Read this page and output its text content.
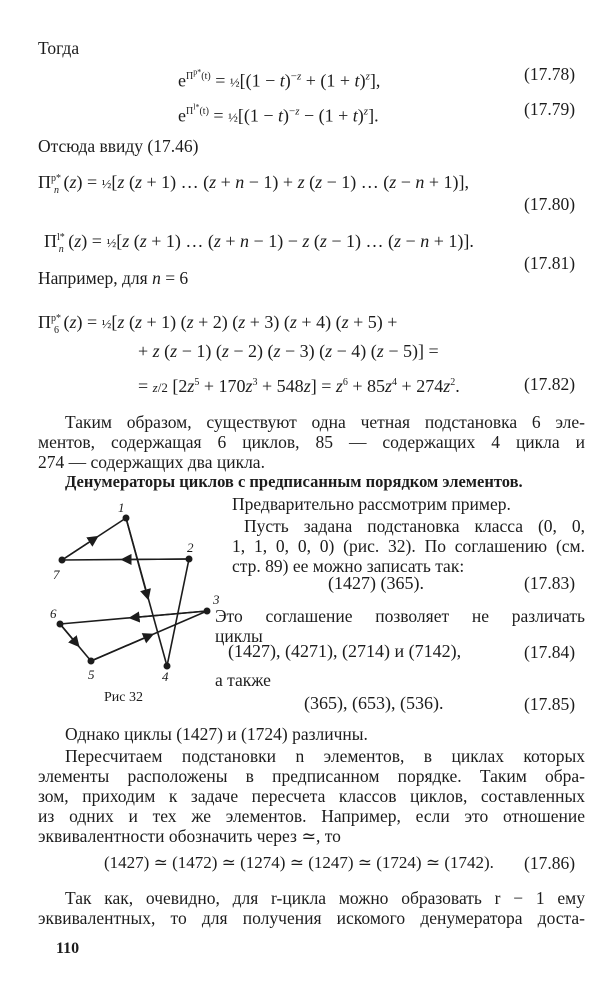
Тогда
$e^{\Pi^{p*}(t)}$ = ½[(1 − $t)^{-z} + (1 + t)^z$],	(17.78)
$e^{\Pi^{l*}(t)}$ = ½[(1 − $t)^{-z} - (1 + t)^z$].	(17.79)
Отсюда ввиду (17.46)
$\Pi^{p*}_n$ (z) = ½[z (z + 1) … (z + n − 1) + z (z − 1) … (z − n + 1)],
(17.80)
$\Pi^{l*}_n$ (z) = ½[z (z + 1) … (z + n − 1) − z (z − 1) … (z − n + 1)].
(17.81)
Например, для n = 6
$\Pi^{p*}_6$ (z) = ½[z (z + 1) (z + 2) (z + 3) (z + 4) (z + 5) +
+ z (z − 1) (z − 2) (z − 3) (z − 4) (z − 5)] =
= z/2 $[2z^5 + 170z^3 + 548z] = z^6 + 85z^4 + 274z^2$.	(17.82)
Таким образом, существуют одна четная подстановка 6 эле-
ментов, содержащая 6 циклов, 85 — содержащих 4 цикла и
274 — содержащих два цикла.
Денумераторы циклов с предписанным порядком элементов.
Предварительно рассмотрим пример.
Пусть задана подстановка класса (0, 0,
1, 1, 0, 0, 0) (рис. 32). По соглашению (см.
стр. 89) ее можно записать так:
(1427) (365).	(17.83)
Это соглашение позволяет не различать
циклы
(1427), (4271), (2714) и (7142),	(17.84)
а также
(365), (653), (536).	(17.85)
1
2
3
4
5
6
7
Рис 32
Однако циклы (1427) и (1724) различны.
Пересчитаем подстановки n элементов, в циклах которых
элементы расположены в предписанном порядке. Таким обра-
зом, приходим к задаче пересчета классов циклов, составленных
из одних и тех же элементов. Например, если это отношение
эквивалентности обозначить через ≃, то
(1427) ≃ (1472) ≃ (1274) ≃ (1247) ≃ (1724) ≃ (1742). (17.86)
Так как, очевидно, для r-цикла можно образовать r − 1 ему
эквивалентных, то для получения искомого денумератора доста-
110
